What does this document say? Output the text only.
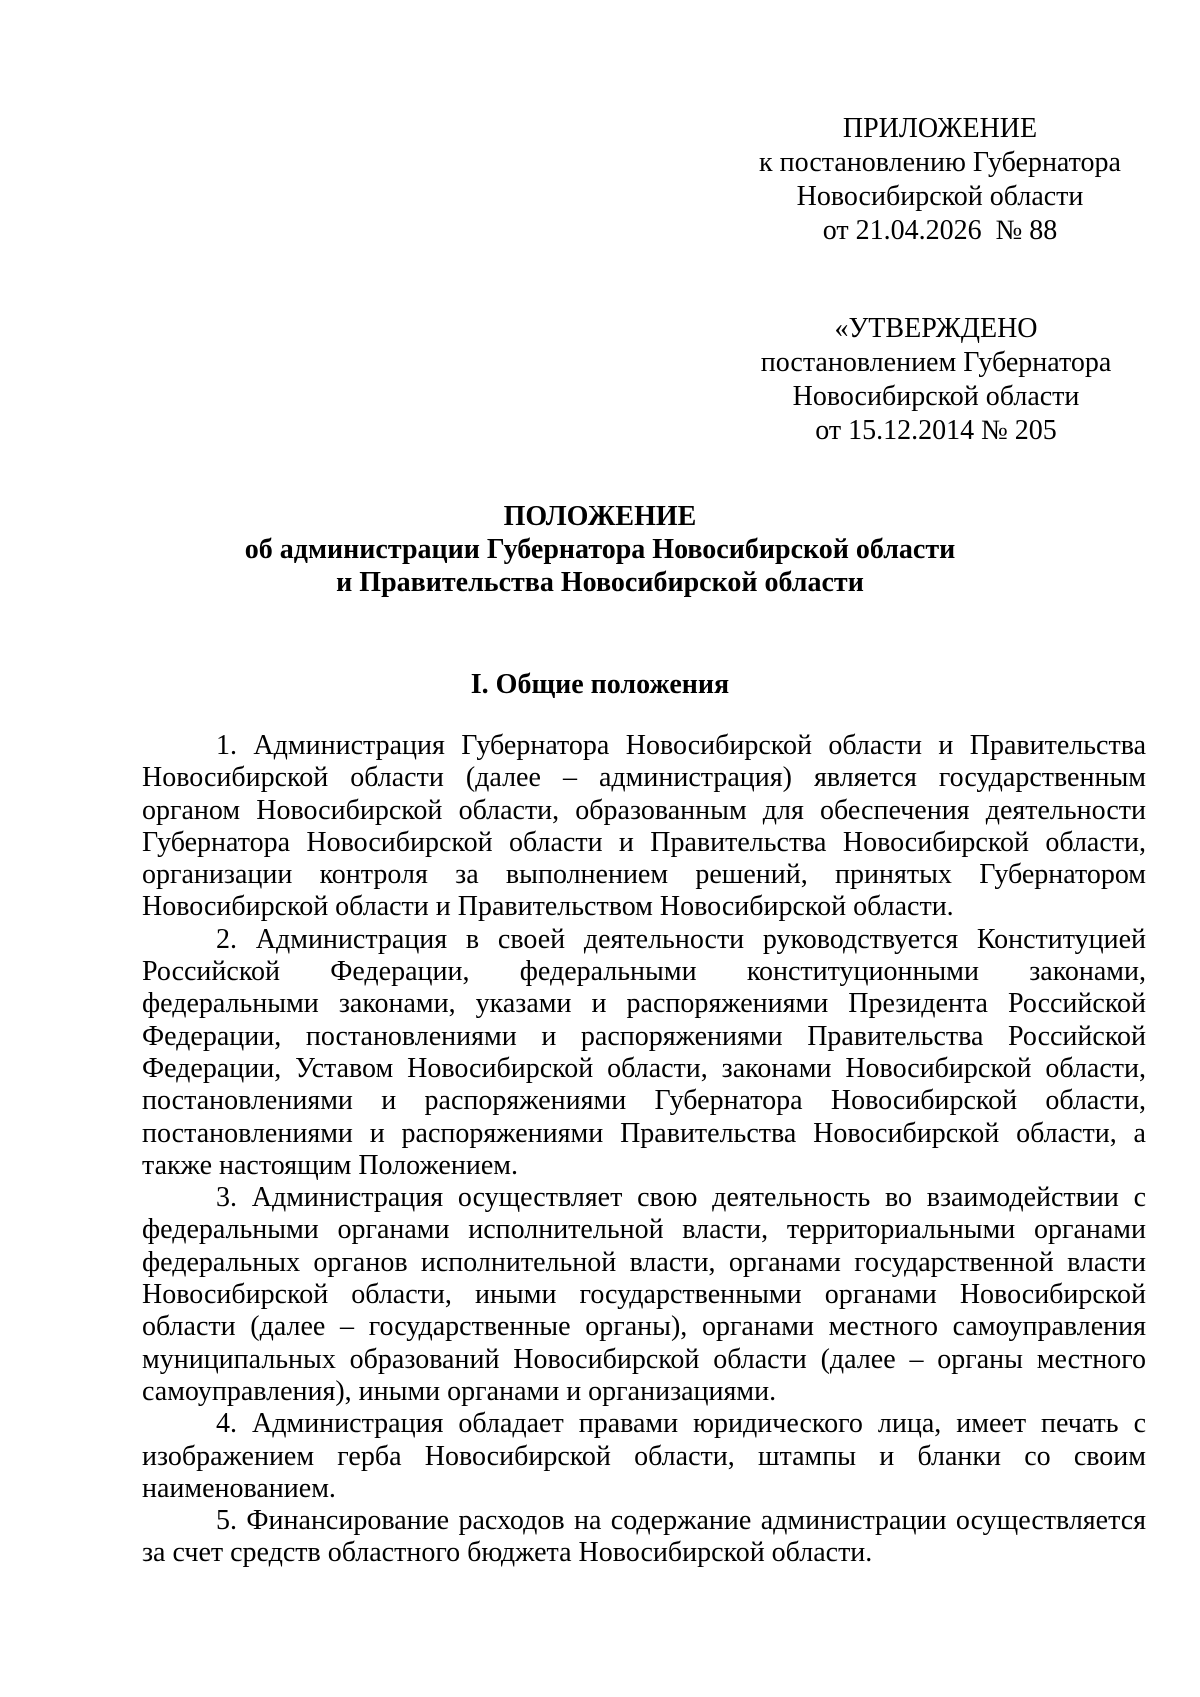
ПРИЛОЖЕНИЕ
к постановлению Губернатора
Новосибирской области
от 21.04.2026  № 88
«УТВЕРЖДЕНО
постановлением Губернатора
Новосибирской области
от 15.12.2014 № 205
ПОЛОЖЕНИЕ
об администрации Губернатора Новосибирской области
и Правительства Новосибирской области
I. Общие положения

1. Администрация Губернатора Новосибирской области и Правительства Новосибирской области (далее – администрация) является государственным органом Новосибирской области, образованным для обеспечения деятельности Губернатора Новосибирской области и Правительства Новосибирской области, организации контроля за выполнением решений, принятых Губернатором Новосибирской области и Правительством Новосибирской области.

2. Администрация в своей деятельности руководствуется Конституцией Российской Федерации, федеральными конституционными законами, федеральными законами, указами и распоряжениями Президента Российской Федерации, постановлениями и распоряжениями Правительства Российской Федерации, Уставом Новосибирской области, законами Новосибирской области, постановлениями и распоряжениями Губернатора Новосибирской области, постановлениями и распоряжениями Правительства Новосибирской области, а также настоящим Положением.

3. Администрация осуществляет свою деятельность во взаимодействии с федеральными органами исполнительной власти, территориальными органами федеральных органов исполнительной власти, органами государственной власти Новосибирской области, иными государственными органами Новосибирской области (далее – государственные органы), органами местного самоуправления муниципальных образований Новосибирской области (далее – органы местного самоуправления), иными органами и организациями.

4. Администрация обладает правами юридического лица, имеет печать с изображением герба Новосибирской области, штампы и бланки со своим наименованием.

5. Финансирование расходов на содержание администрации осуществляется за счет средств областного бюджета Новосибирской области.
